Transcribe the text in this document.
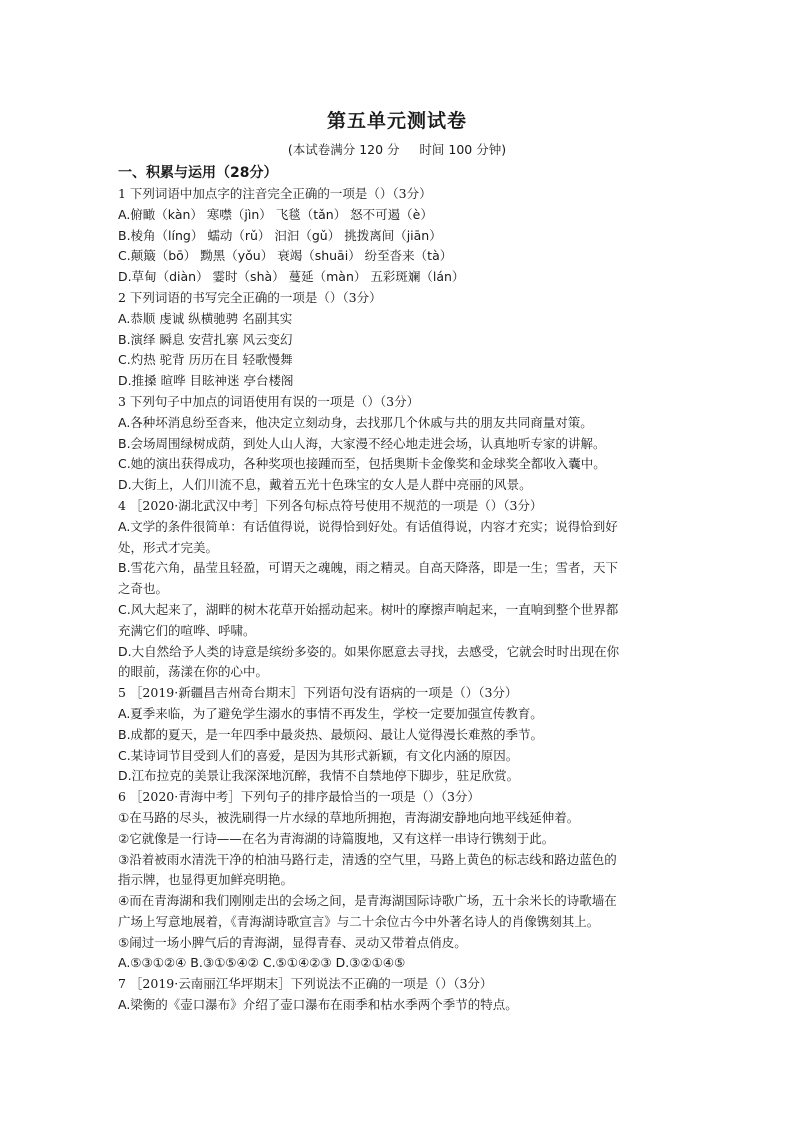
第五单元测试卷

(本试卷满分 120 分     时间 100 分钟)

一、积累与运用（28分）

1 下列词语中加点字的注音完全正确的一项是（）（3分）

A.俯瞰（kàn） 寒噤（jìn） 飞毯（tǎn） 怒不可遏（è）

B.棱角（líng） 蠕动（rǔ） 汩汩（gǔ） 挑拨离间（jiān）

C.颠簸（bō） 黝黑（yǒu） 衰竭（shuāi） 纷至沓来（tà）

D.草甸（diàn） 霎时（shà） 蔓延（màn） 五彩斑斓（lán）

2 下列词语的书写完全正确的一项是（）（3分）

A.恭顺 虔诚 纵横驰骋 名副其实

B.演绎 瞬息 安营扎寨 风云变幻

C.灼热 驼背 历历在目 轻歌慢舞

D.推搡 暄哗 目眩神迷 亭台楼阁

3 下列句子中加点的词语使用有误的一项是（）（3分）

A.各种坏消息纷至沓来，他决定立刻动身，去找那几个休戚与共的朋友共同商量对策。

B.会场周围绿树成荫，到处人山人海，大家漫不经心地走进会场，认真地听专家的讲解。

C.她的演出获得成功，各种奖项也接踵而至，包括奥斯卡金像奖和金球奖全都收入囊中。

D.大街上，人们川流不息，戴着五光十色珠宝的女人是人群中亮丽的风景。

4 ［2020·湖北武汉中考］下列各句标点符号使用不规范的一项是（）（3分）

A.文学的条件很简单：有话值得说，说得恰到好处。有话值得说，内容才充实；说得恰到好

处，形式才完美。

B.雪花六角，晶莹且轻盈，可谓天之魂魄，雨之精灵。自高天降落，即是一生；雪者，天下

之奇也。

C.风大起来了，湖畔的树木花草开始摇动起来。树叶的摩擦声响起来，一直响到整个世界都

充满它们的喧哗、呼啸。

D.大自然给予人类的诗意是缤纷多姿的。如果你愿意去寻找，去感受，它就会时时出现在你

的眼前，荡漾在你的心中。

5 ［2019·新疆昌吉州奇台期末］下列语句没有语病的一项是（）（3分）

A.夏季来临，为了避免学生溺水的事情不再发生，学校一定要加强宣传教育。

B.成都的夏天，是一年四季中最炎热、最烦闷、最让人觉得漫长难熬的季节。

C.某诗词节目受到人们的喜爱，是因为其形式新颖，有文化内涵的原因。

D.江布拉克的美景让我深深地沉醉，我情不自禁地停下脚步，驻足欣赏。

6 ［2020·青海中考］下列句子的排序最恰当的一项是（）（3分）

①在马路的尽头，被洗刷得一片水绿的草地所拥抱，青海湖安静地向地平线延伸着。

②它就像是一行诗——在名为青海湖的诗篇腹地，又有这样一串诗行镌刻于此。

③沿着被雨水清洗干净的柏油马路行走，清透的空气里，马路上黄色的标志线和路边蓝色的

指示牌，也显得更加鲜亮明艳。

④而在青海湖和我们刚刚走出的会场之间，是青海湖国际诗歌广场，五十余米长的诗歌墙在

广场上写意地展着，《青海湖诗歌宣言》与二十余位古今中外著名诗人的肖像镌刻其上。

⑤闹过一场小脾气后的青海湖，显得青春、灵动又带着点俏皮。

A.⑤③①②④ B.③①⑤④② C.⑤①④②③ D.③②①④⑤

7 ［2019·云南丽江华坪期末］下列说法不正确的一项是（）（3分）

A.梁衡的《壶口瀑布》介绍了壶口瀑布在雨季和枯水季两个季节的特点。
